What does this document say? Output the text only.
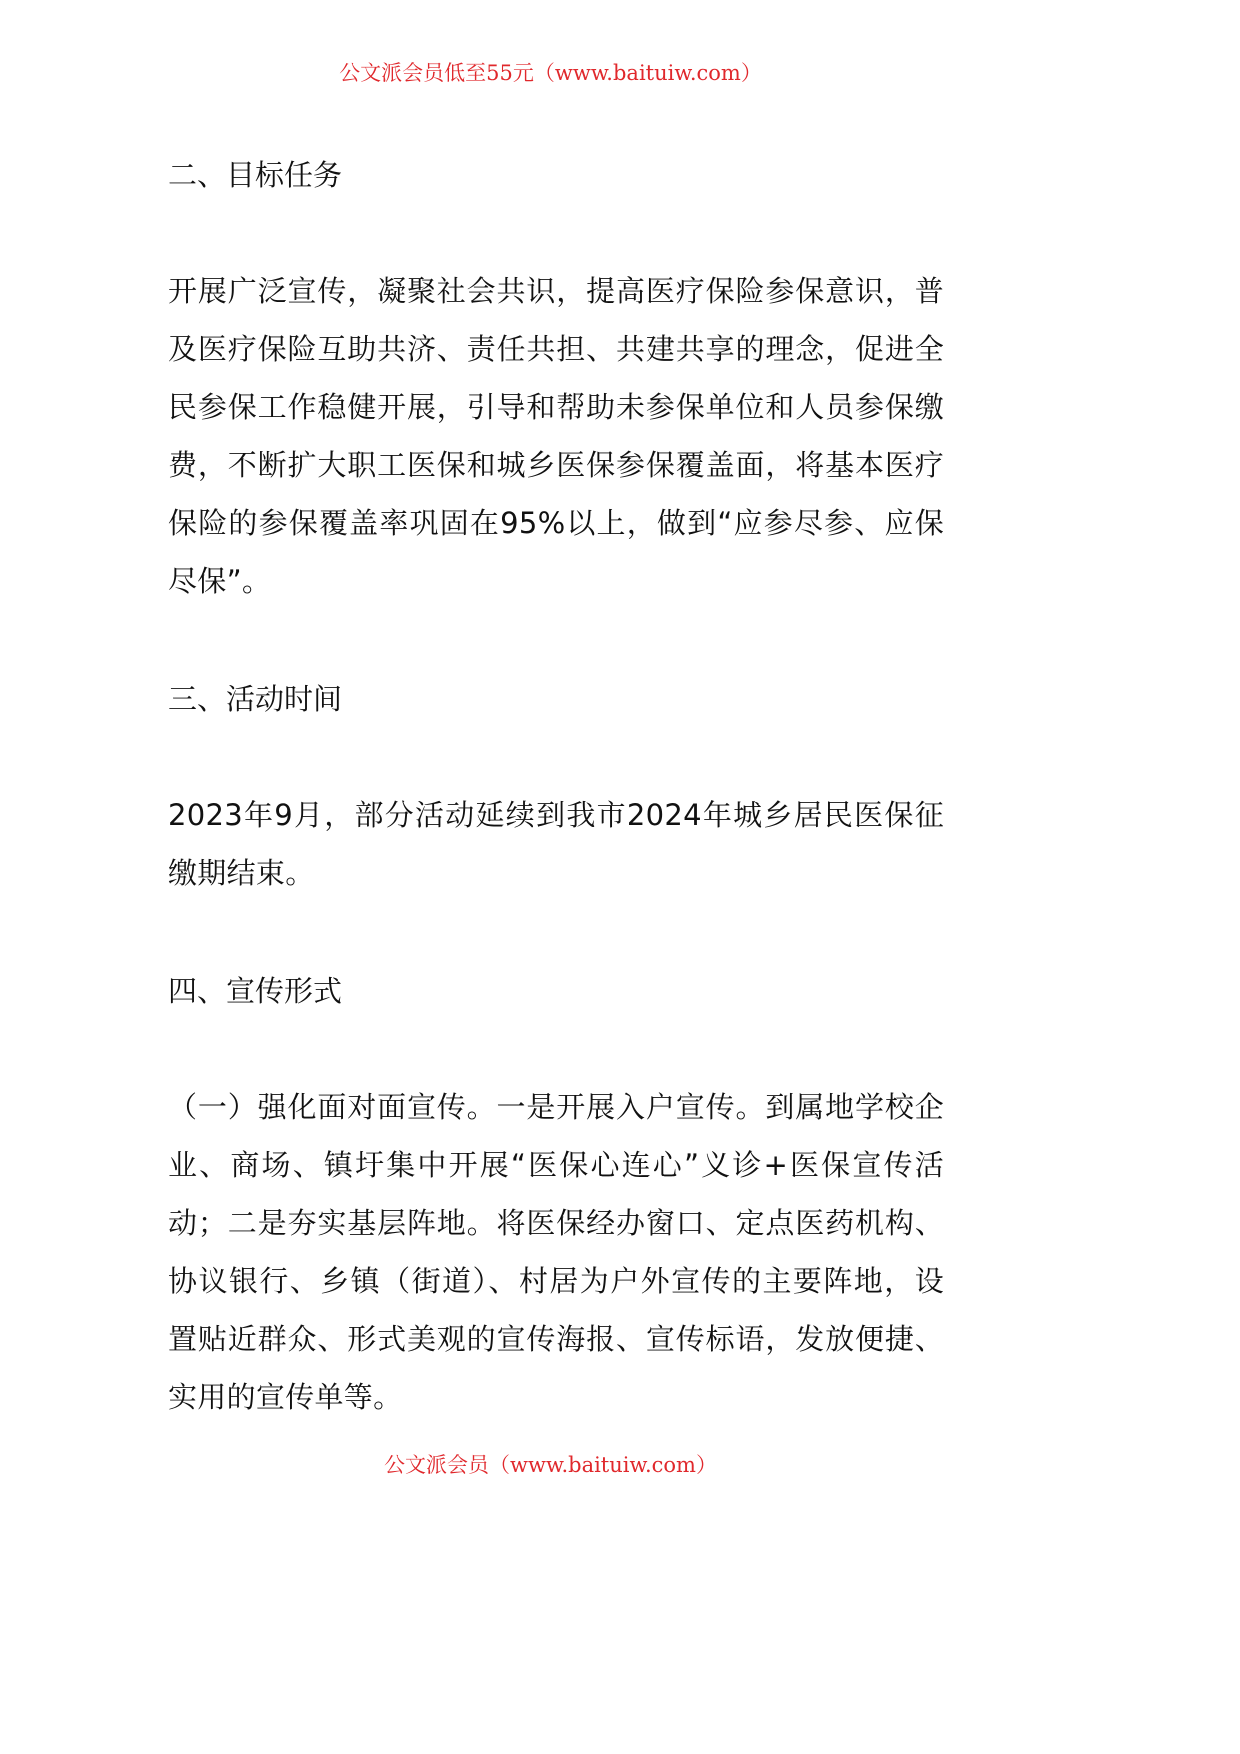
公文派会员低至55元（www.baituiw.com）
二、目标任务

开展广泛宣传，凝聚社会共识，提高医疗保险参保意识，普及医疗保险互助共济、责任共担、共建共享的理念，促进全民参保工作稳健开展，引导和帮助未参保单位和人员参保缴费，不断扩大职工医保和城乡医保参保覆盖面，将基本医疗保险的参保覆盖率巩固在95%以上，做到“应参尽参、应保尽保”。

三、活动时间

2023年9月，部分活动延续到我市2024年城乡居民医保征缴期结束。

四、宣传形式

（一）强化面对面宣传。一是开展入户宣传。到属地学校企业、商场、镇圩集中开展“医保心连心”义诊+医保宣传活动；二是夯实基层阵地。将医保经办窗口、定点医药机构、协议银行、乡镇（街道）、村居为户外宣传的主要阵地，设置贴近群众、形式美观的宣传海报、宣传标语，发放便捷、实用的宣传单等。

公文派会员（www.baituiw.com）
